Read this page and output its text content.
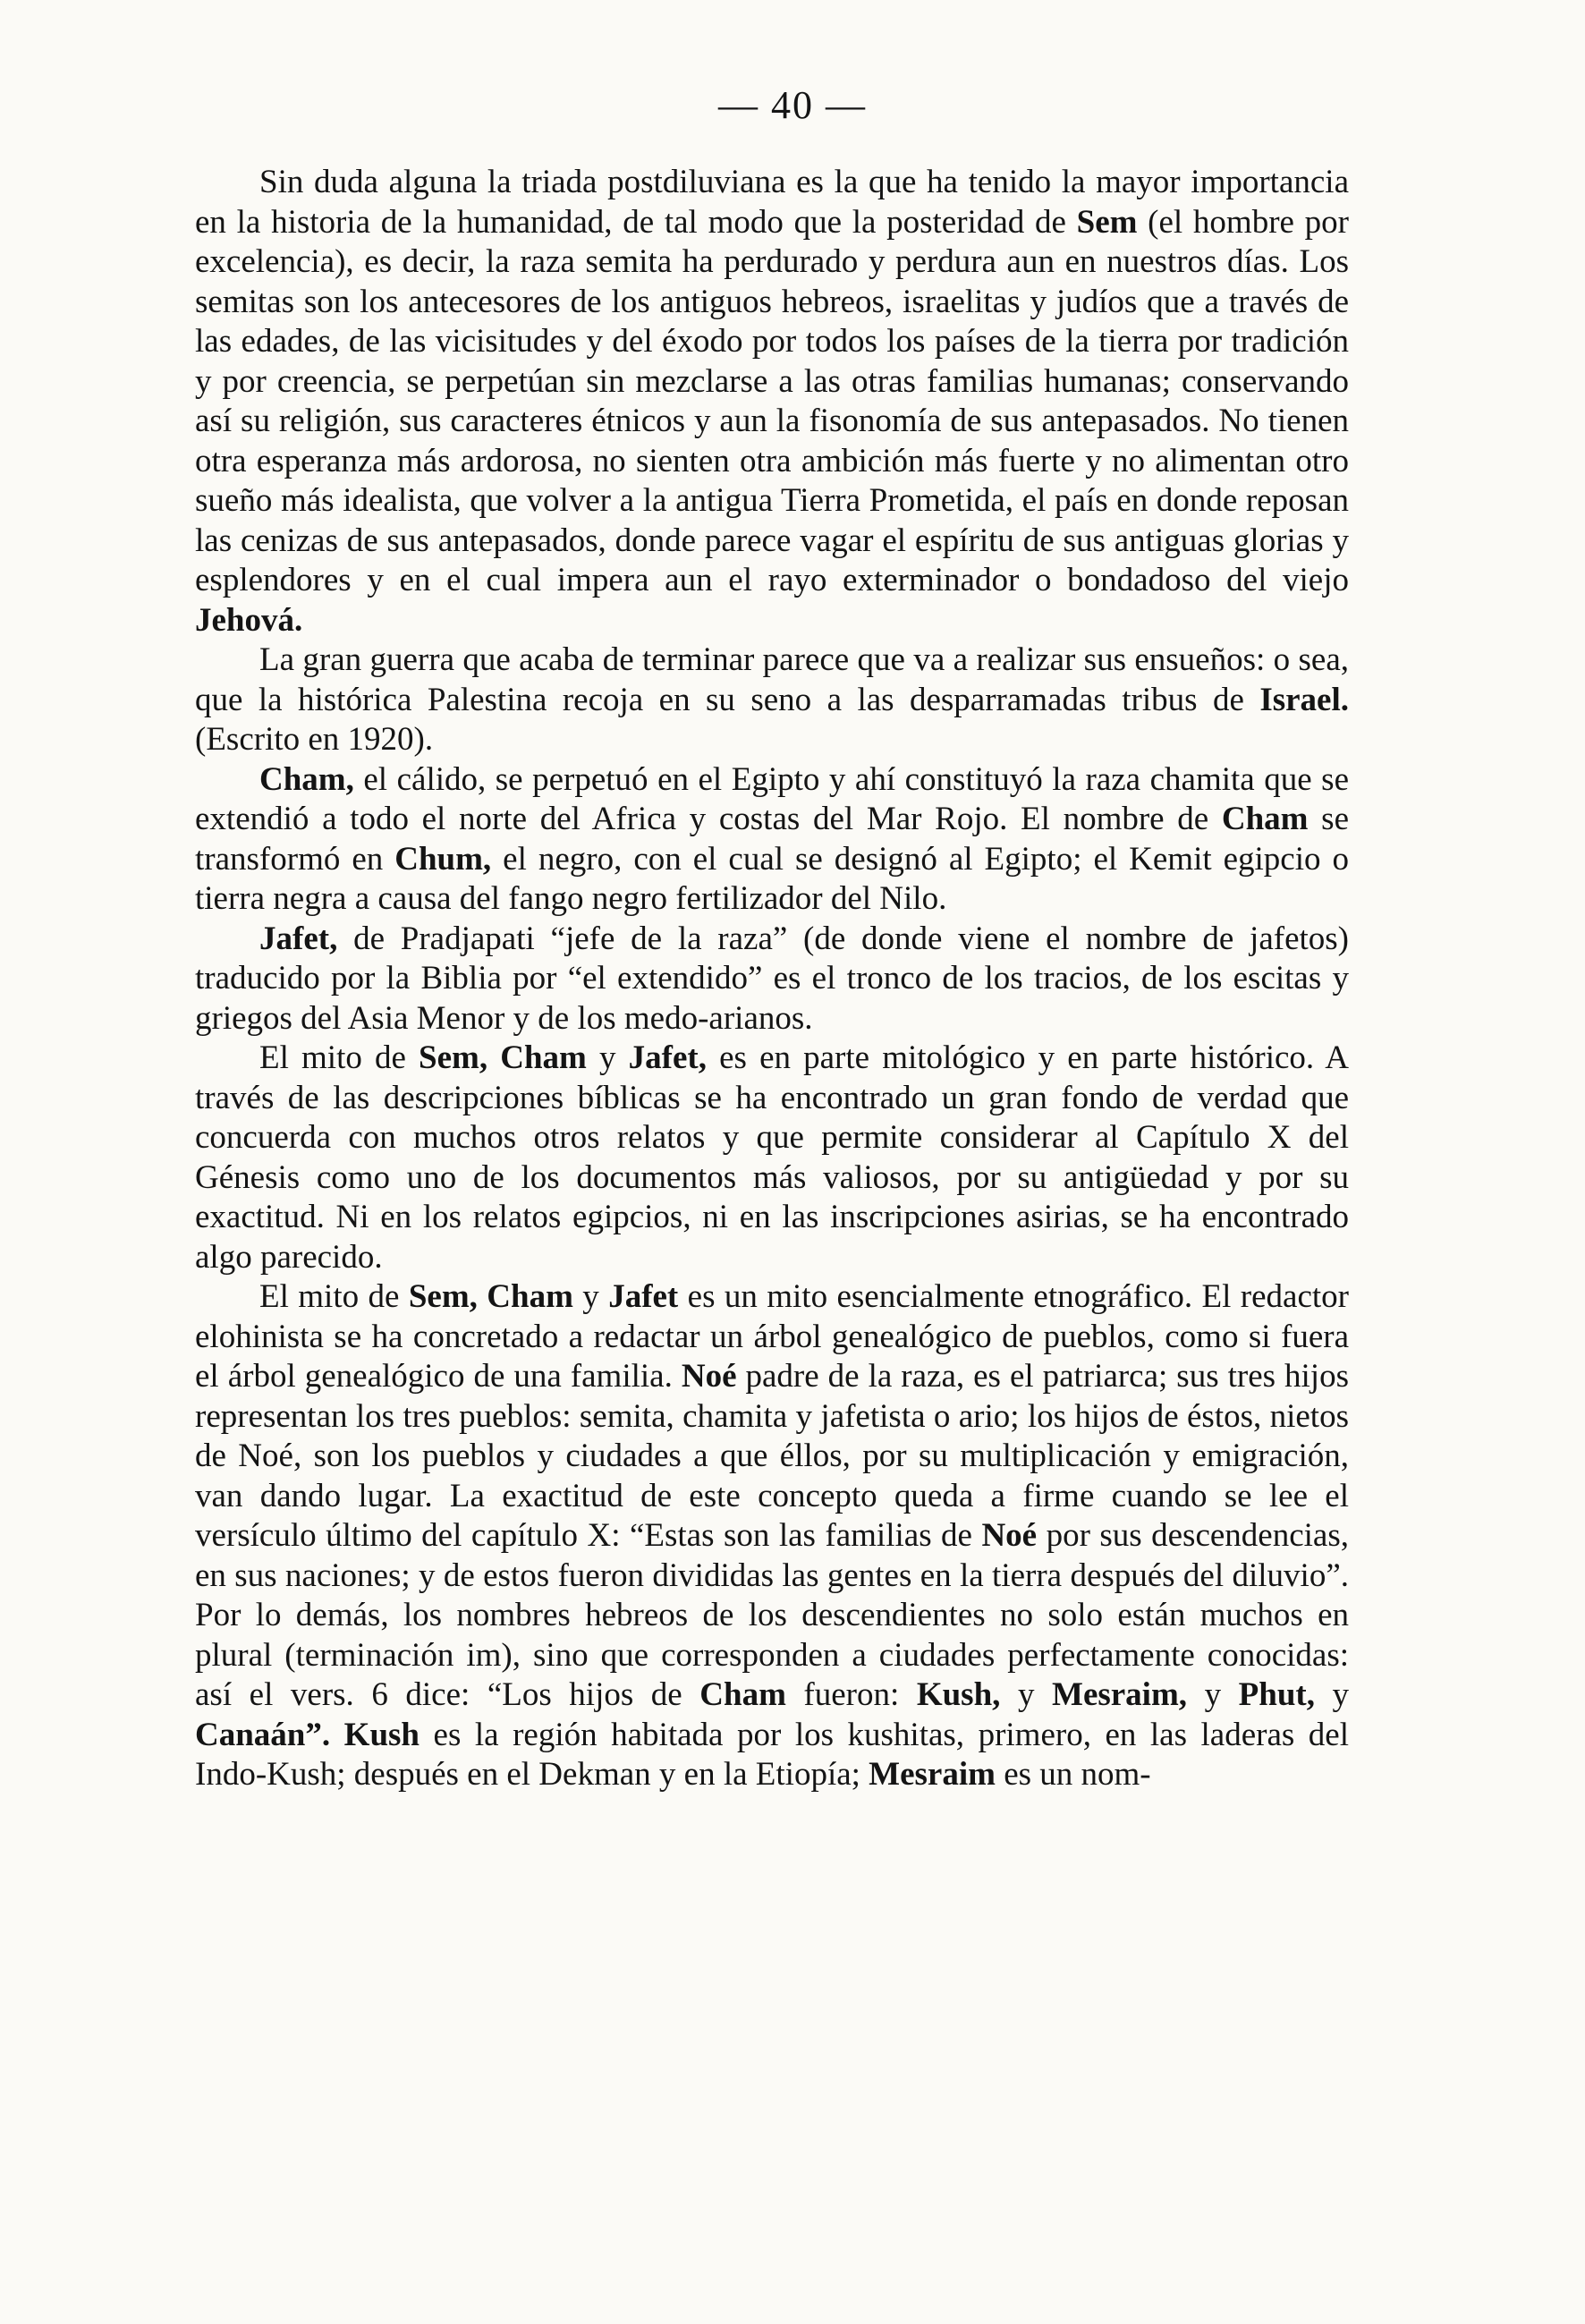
— 40 —

Sin duda alguna la triada postdiluviana es la que ha tenido la mayor importancia en la historia de la humanidad, de tal modo que la posteridad de Sem (el hombre por excelencia), es decir, la raza semita ha perdurado y perdura aun en nuestros días. Los semitas son los antecesores de los antiguos hebreos, israelitas y judíos que a través de las edades, de las vicisitudes y del éxodo por todos los países de la tierra por tradición y por creencia, se perpetúan sin mezclarse a las otras familias humanas; conservando así su religión, sus caracteres étnicos y aun la fisonomía de sus antepasados. No tienen otra esperanza más ardorosa, no sienten otra ambición más fuerte y no alimentan otro sueño más idealista, que volver a la antigua Tierra Prometida, el país en donde reposan las cenizas de sus antepasados, donde parece vagar el espíritu de sus antiguas glorias y esplendores y en el cual impera aun el rayo exterminador o bondadoso del viejo Jehová.

La gran guerra que acaba de terminar parece que va a realizar sus ensueños: o sea, que la histórica Palestina recoja en su seno a las desparramadas tribus de Israel. (Escrito en 1920).

Cham, el cálido, se perpetuó en el Egipto y ahí constituyó la raza chamita que se extendió a todo el norte del Africa y costas del Mar Rojo. El nombre de Cham se transformó en Chum, el negro, con el cual se designó al Egipto; el Kemit egipcio o tierra negra a causa del fango negro fertilizador del Nilo.

Jafet, de Pradjapati “jefe de la raza” (de donde viene el nombre de jafetos) traducido por la Biblia por “el extendido” es el tronco de los tracios, de los escitas y griegos del Asia Menor y de los medo-arianos.

El mito de Sem, Cham y Jafet, es en parte mitológico y en parte histórico. A través de las descripciones bíblicas se ha encontrado un gran fondo de verdad que concuerda con muchos otros relatos y que permite considerar al Capítulo X del Génesis como uno de los documentos más valiosos, por su antigüedad y por su exactitud. Ni en los relatos egipcios, ni en las inscripciones asirias, se ha encontrado algo parecido.

El mito de Sem, Cham y Jafet es un mito esencialmente etnográfico. El redactor elohinista se ha concretado a redactar un árbol genealógico de pueblos, como si fuera el árbol genealógico de una familia. Noé padre de la raza, es el patriarca; sus tres hijos representan los tres pueblos: semita, chamita y jafetista o ario; los hijos de éstos, nietos de Noé, son los pueblos y ciudades a que éllos, por su multiplicación y emigración, van dando lugar. La exactitud de este concepto queda a firme cuando se lee el versículo último del capítulo X: “Estas son las familias de Noé por sus descendencias, en sus naciones; y de estos fueron divididas las gentes en la tierra después del diluvio”. Por lo demás, los nombres hebreos de los descendientes no solo están muchos en plural (terminación im), sino que corresponden a ciudades perfectamente conocidas: así el vers. 6 dice: “Los hijos de Cham fueron: Kush, y Mesraim, y Phut, y Canaán”. Kush es la región habitada por los kushitas, primero, en las laderas del Indo-Kush; después en el Dekman y en la Etiopía; Mesraim es un nom-
